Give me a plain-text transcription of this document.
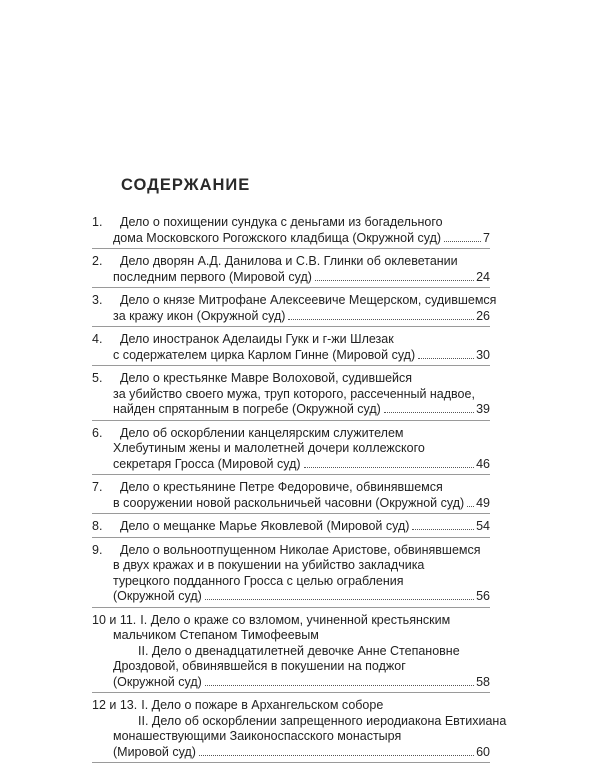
СОДЕРЖАНИЕ
1.	Дело о похищении сундука с деньгами из богадельного
дома Московского Рогожского кладбища (Окружной суд)	7
2.	Дело дворян А.Д. Данилова и С.В. Глинки об оклеветании
последним первого (Мировой суд)	24
3.	Дело о князе Митрофане Алексеевиче Мещерском, судившемся
за кражу икон (Окружной суд)	26
4.	Дело иностранок Аделаиды Гукк и г-жи Шлезак
с содержателем цирка Карлом Гинне (Мировой суд)	30
5.	Дело о крестьянке Мавре Волоховой, судившейся
за убийство своего мужа, труп которого, рассеченный надвое,
найден спрятанным в погребе (Окружной суд)	39
6.	Дело об оскорблении канцелярским служителем
Хлебутиным жены и малолетней дочери коллежского
секретаря Гросса (Мировой суд)	46
7.	Дело о крестьянине Петре Федоровиче, обвинявшемся
в сооружении новой раскольничьей часовни (Окружной суд) 49
8.	Дело о мещанке Марье Яковлевой (Мировой суд)	54
9.	Дело о вольноотпущенном Николае Аристове, обвинявшемся
в двух кражах и в покушении на убийство закладчика
турецкого подданного Гросса с целью ограбления
(Окружной суд)	56
10 и 11. I. Дело о краже со взломом, учиненной крестьянским
мальчиком Степаном Тимофеевым
II. Дело о двенадцатилетней девочке Анне Степановне
Дроздовой, обвинявшейся в покушении на поджог
(Окружной суд)	58
12 и 13. I. Дело о пожаре в Архангельском соборе
II. Дело об оскорблении запрещенного иеродиакона Евтихиана
монашествующими Заиконоспасского монастыря
(Мировой суд)	60
